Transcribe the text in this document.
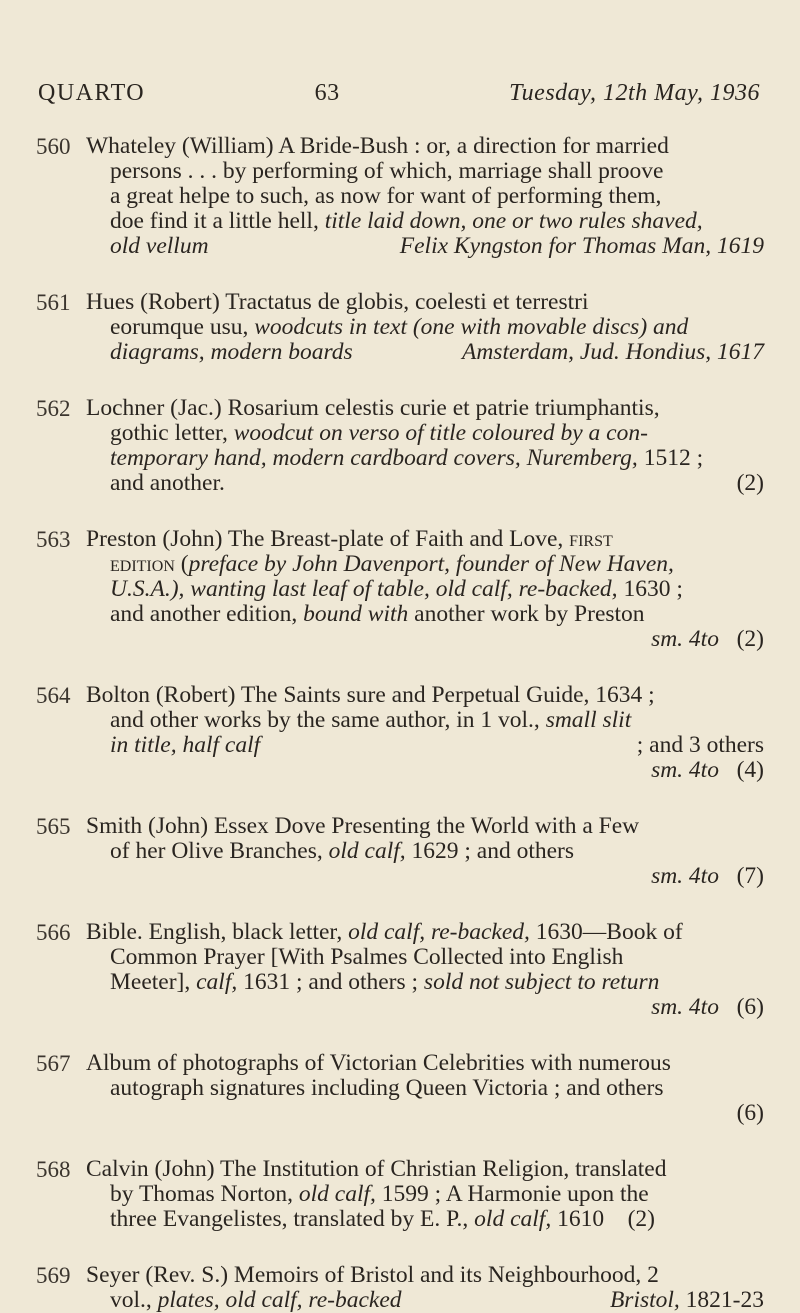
QUARTO	63	Tuesday, 12th May, 1936
560 Whateley (William) A Bride-Bush : or, a direction for married
persons . . . by performing of which, marriage shall proove
a great helpe to such, as now for want of performing them,
doe find it a little hell, title laid down, one or two rules shaved,
old vellum	Felix Kyngston for Thomas Man, 1619
561 Hues (Robert) Tractatus de globis, coelesti et terrestri
eorumque usu, woodcuts in text (one with movable discs) and
diagrams, modern boards	Amsterdam, Jud. Hondius, 1617
562 Lochner (Jac.) Rosarium celestis curie et patrie triumphantis,
gothic letter, woodcut on verso of title coloured by a con-
temporary hand, modern cardboard covers, Nuremberg, 1512 ;
and another.	(2)
563 Preston (John) The Breast-plate of Faith and Love, first
edition (preface by John Davenport, founder of New Haven,
U.S.A.), wanting last leaf of table, old calf, re-backed, 1630 ;
and another edition, bound with another work by Preston
sm. 4to   (2)
564 Bolton (Robert) The Saints sure and Perpetual Guide, 1634 ;
and other works by the same author, in 1 vol., small slit
in title, half calf	; and 3 others
sm. 4to   (4)
565 Smith (John) Essex Dove Presenting the World with a Few
of her Olive Branches, old calf, 1629 ; and others
sm. 4to   (7)
566 Bible. English, black letter, old calf, re-backed, 1630—Book of
Common Prayer [With Psalmes Collected into English
Meeter], calf, 1631 ; and others ; sold not subject to return
sm. 4to   (6)
567 Album of photographs of Victorian Celebrities with numerous
autograph signatures including Queen Victoria ; and others
(6)
568 Calvin (John) The Institution of Christian Religion, translated
by Thomas Norton, old calf, 1599 ; A Harmonie upon the
three Evangelistes, translated by E. P., old calf, 1610    (2)
569 Seyer (Rev. S.) Memoirs of Bristol and its Neighbourhood, 2
vol., plates, old calf, re-backed	Bristol, 1821-23
